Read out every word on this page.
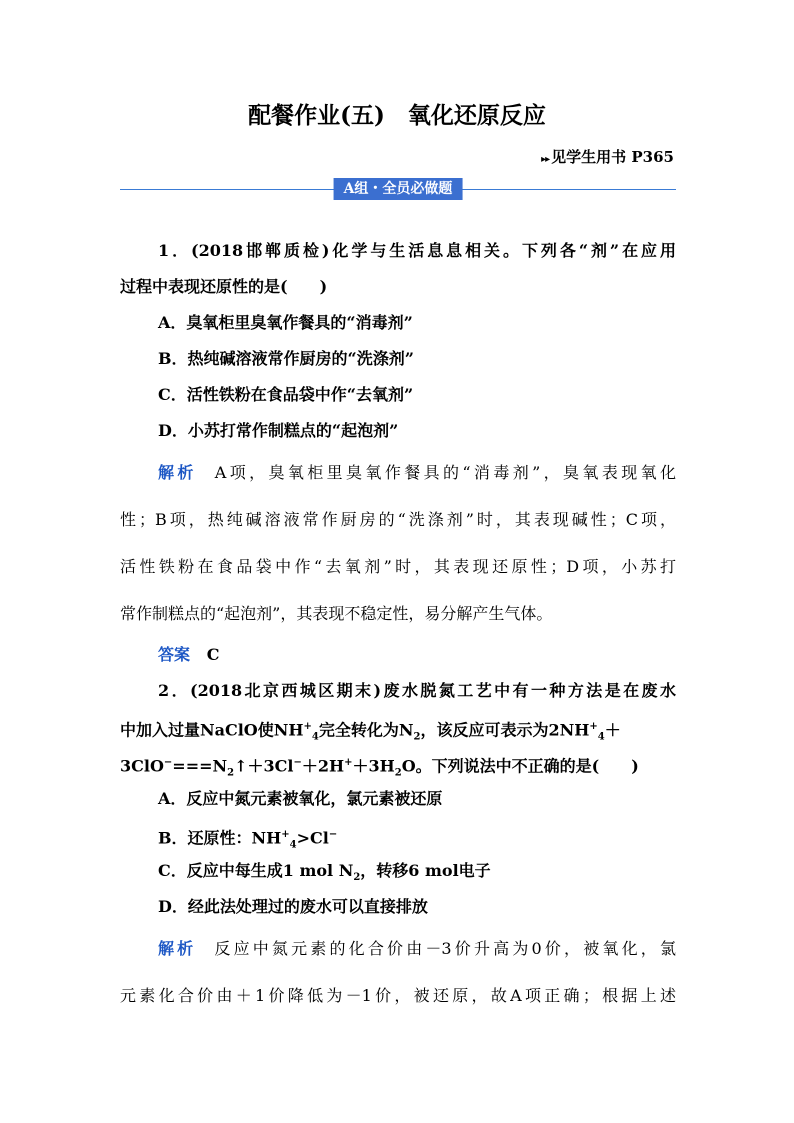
配餐作业(五)　氧化还原反应
▸▸ 见学生用书 P365
A组・全员必做题
1．(2018邯郸质检)化学与生活息息相关。下列各“剂”在应用
过程中表现还原性的是(　　)
A．臭氧柜里臭氧作餐具的“消毒剂”
B．热纯碱溶液常作厨房的“洗涤剂”
C．活性铁粉在食品袋中作“去氧剂”
D．小苏打常作制糕点的“起泡剂”
解析 A项，臭氧柜里臭氧作餐具的“消毒剂”，臭氧表现氧化
性；B项，热纯碱溶液常作厨房的“洗涤剂”时，其表现碱性；C项，
活性铁粉在食品袋中作“去氧剂”时，其表现还原性；D项，小苏打
常作制糕点的“起泡剂”，其表现不稳定性，易分解产生气体。
答案 C
2．(2018北京西城区期末)废水脱氮工艺中有一种方法是在废水
中加入过量NaClO使$NH^+_4$完全转化为$N_2$，该反应可表示为$2NH^+_4+$
$3ClO^-===N_2↑+3Cl^-+2H^++3H_2O$。下列说法中不正确的是(　　)
A．反应中氮元素被氧化，氯元素被还原
B．还原性：$NH^+_4>Cl^-$
C．反应中每生成1 mol $N_2$，转移6 mol电子
D．经此法处理过的废水可以直接排放
解析 反应中氮元素的化合价由－3价升高为0价，被氧化，氯
元素化合价由＋1价降低为－1价，被还原，故A项正确；根据上述
